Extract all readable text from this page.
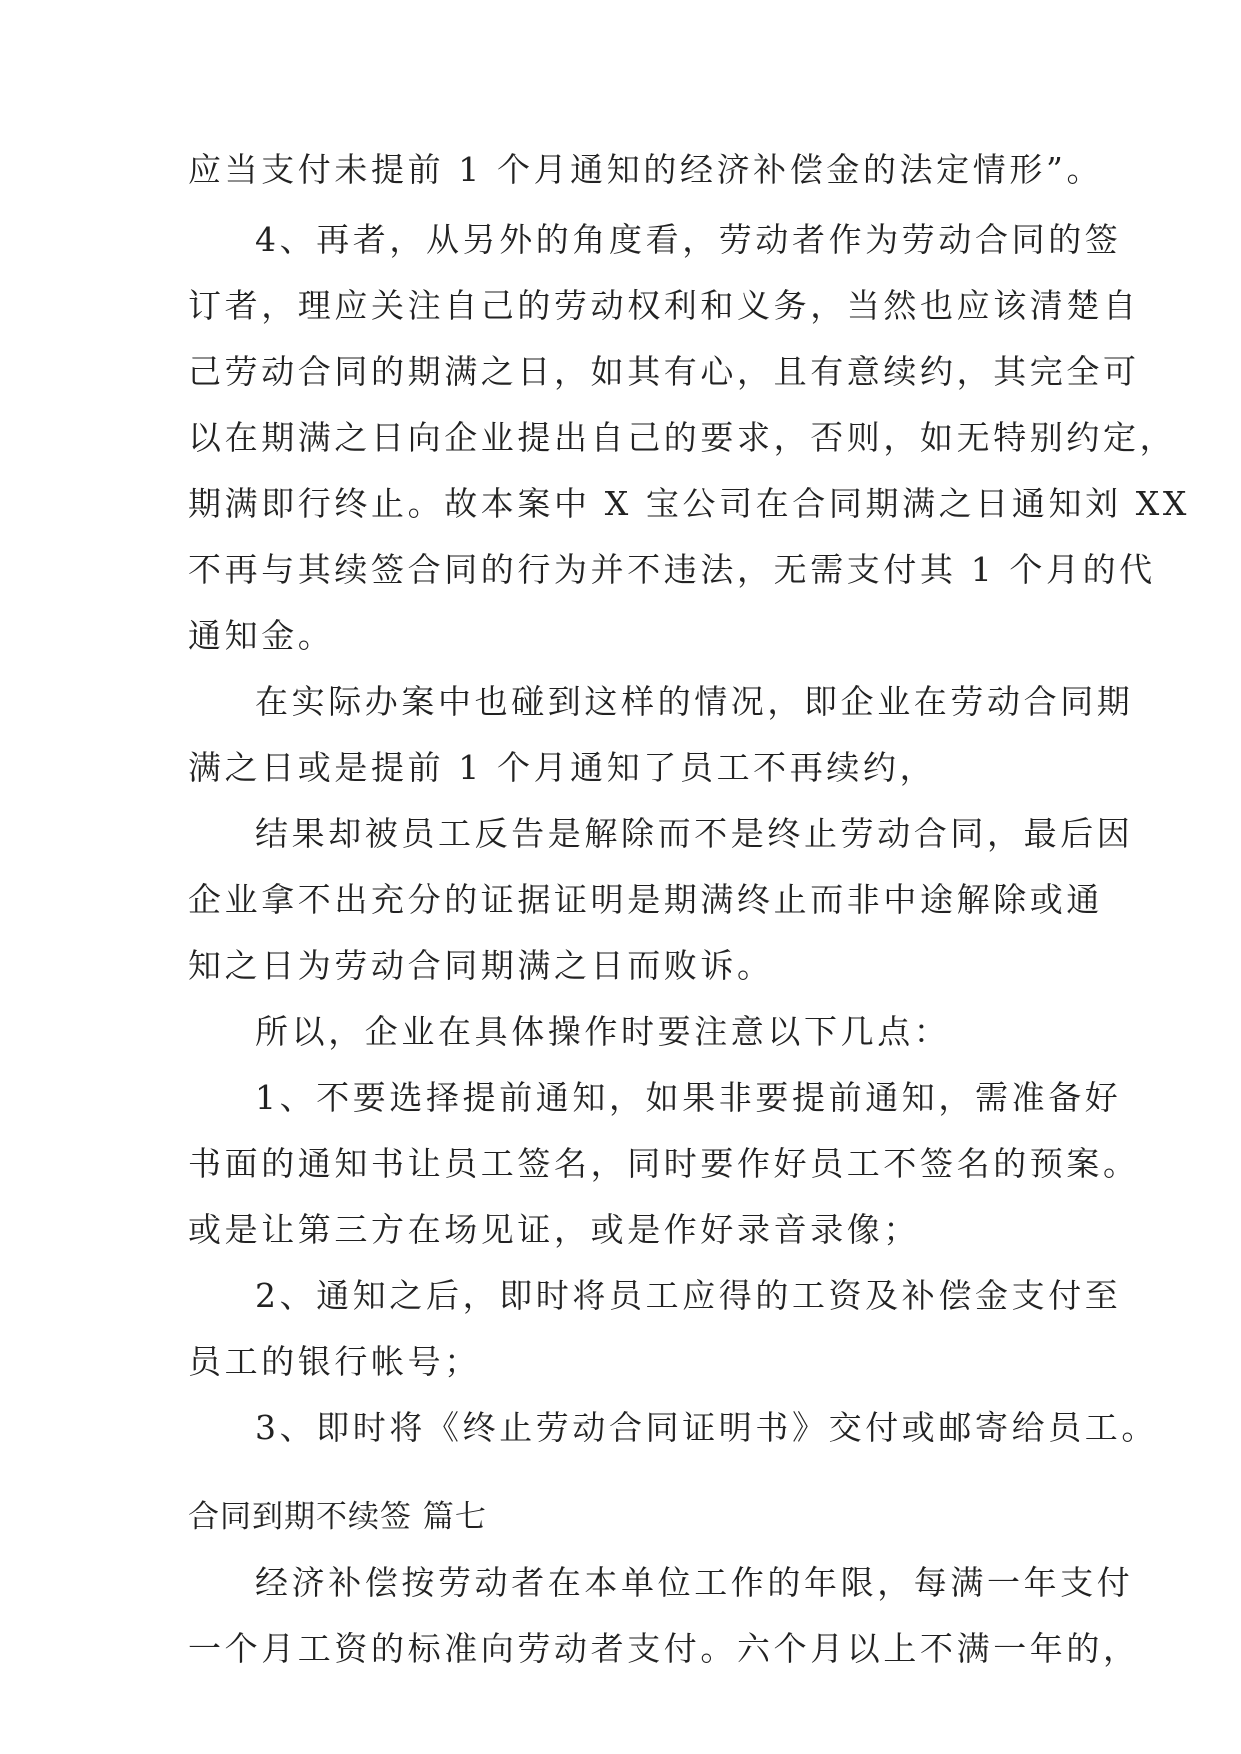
应当支付未提前 1 个月通知的经济补偿金的法定情形”。
4、再者，从另外的角度看，劳动者作为劳动合同的签
订者，理应关注自己的劳动权利和义务，当然也应该清楚自
己劳动合同的期满之日，如其有心，且有意续约，其完全可
以在期满之日向企业提出自己的要求，否则，如无特别约定，
期满即行终止。故本案中 X 宝公司在合同期满之日通知刘 XX
不再与其续签合同的行为并不违法，无需支付其 1 个月的代
通知金。
在实际办案中也碰到这样的情况，即企业在劳动合同期
满之日或是提前 1 个月通知了员工不再续约，
结果却被员工反告是解除而不是终止劳动合同，最后因
企业拿不出充分的证据证明是期满终止而非中途解除或通
知之日为劳动合同期满之日而败诉。
所以，企业在具体操作时要注意以下几点：
1、不要选择提前通知，如果非要提前通知，需准备好
书面的通知书让员工签名，同时要作好员工不签名的预案。
或是让第三方在场见证，或是作好录音录像；
2、通知之后，即时将员工应得的工资及补偿金支付至
员工的银行帐号；
3、即时将《终止劳动合同证明书》交付或邮寄给员工。
合同到期不续签 篇七
经济补偿按劳动者在本单位工作的年限，每满一年支付
一个月工资的标准向劳动者支付。六个月以上不满一年的，
